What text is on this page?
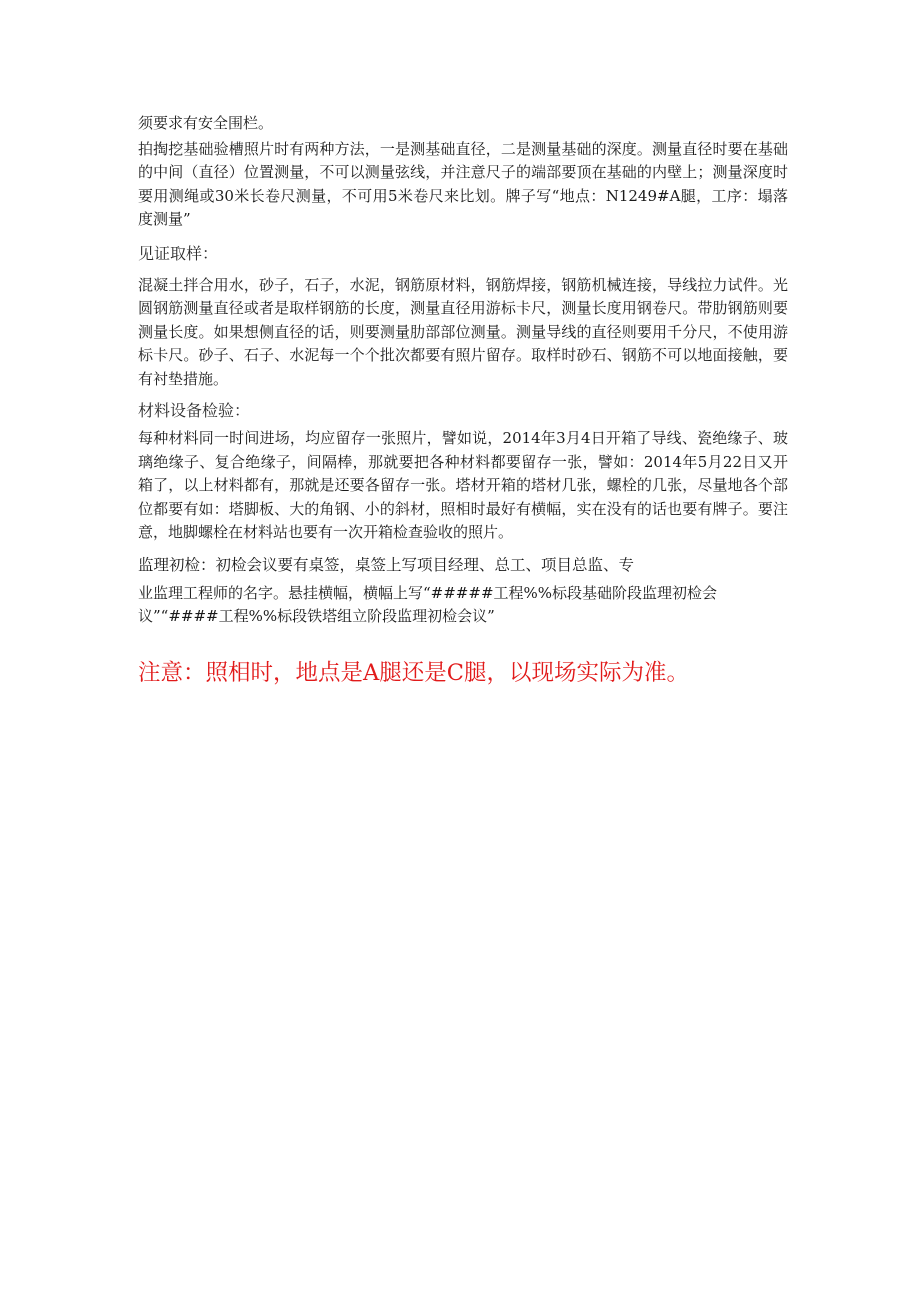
须要求有安全围栏。

拍掏挖基础验槽照片时有两种方法，一是测基础直径，二是测量基础的深度。测量直径时要在基础的中间（直径）位置测量，不可以测量弦线，并注意尺子的端部要顶在基础的内壁上；测量深度时要用测绳或30米长卷尺测量，不可用5米卷尺来比划。牌子写“地点：N1249#A腿，工序：塌落度测量”

见证取样：

混凝土拌合用水，砂子，石子，水泥，钢筋原材料，钢筋焊接，钢筋机械连接，导线拉力试件。光圆钢筋测量直径或者是取样钢筋的长度，测量直径用游标卡尺，测量长度用钢卷尺。带肋钢筋则要测量长度。如果想侧直径的话，则要测量肋部部位测量。测量导线的直径则要用千分尺，不使用游标卡尺。砂子、石子、水泥每一个个批次都要有照片留存。取样时砂石、钢筋不可以地面接触，要有衬垫措施。

材料设备检验：

每种材料同一时间进场，均应留存一张照片，譬如说，2014年3月4日开箱了导线、瓷绝缘子、玻璃绝缘子、复合绝缘子，间隔棒，那就要把各种材料都要留存一张，譬如：2014年5月22日又开箱了，以上材料都有，那就是还要各留存一张。塔材开箱的塔材几张，螺栓的几张，尽量地各个部位都要有如：塔脚板、大的角钢、小的斜材，照相时最好有横幅，实在没有的话也要有牌子。要注意，地脚螺栓在材料站也要有一次开箱检查验收的照片。

监理初检：初检会议要有桌签，桌签上写项目经理、总工、项目总监、专

业监理工程师的名字。悬挂横幅，横幅上写“#####工程%%标段基础阶段监理初检会议”“####工程%%标段铁塔组立阶段监理初检会议”

注意：照相时，地点是A腿还是C腿，以现场实际为准。
